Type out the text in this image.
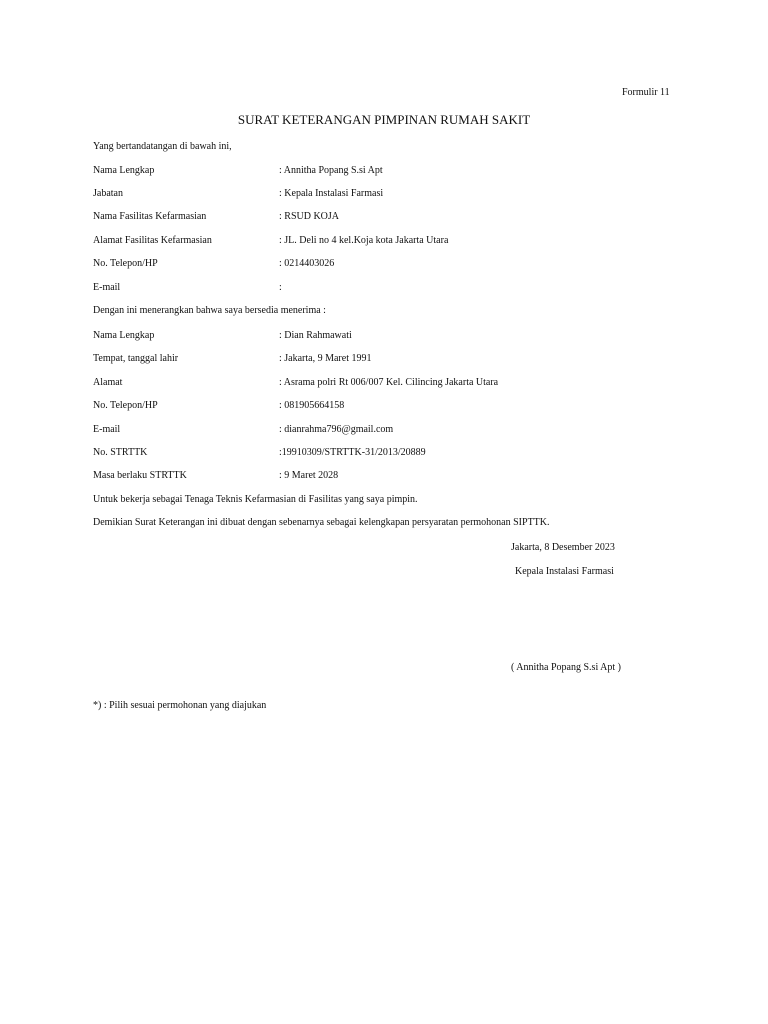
Formulir 11
SURAT KETERANGAN PIMPINAN RUMAH SAKIT
Yang bertandatangan di bawah ini,
Nama Lengkap	: Annitha Popang S.si Apt
Jabatan	: Kepala Instalasi Farmasi
Nama Fasilitas Kefarmasian	: RSUD KOJA
Alamat Fasilitas Kefarmasian	: JL. Deli no 4 kel.Koja kota Jakarta Utara
No. Telepon/HP	: 0214403026
E-mail	:
Dengan ini menerangkan bahwa saya bersedia menerima :
Nama Lengkap	: Dian Rahmawati
Tempat, tanggal lahir	: Jakarta, 9 Maret 1991
Alamat	: Asrama polri Rt 006/007 Kel. Cilincing Jakarta Utara
No. Telepon/HP	: 081905664158
E-mail	: dianrahma796@gmail.com
No. STRTTK	:19910309/STRTTK-31/2013/20889
Masa berlaku STRTTK	: 9 Maret 2028
Untuk bekerja sebagai Tenaga Teknis Kefarmasian di Fasilitas yang saya pimpin.
Demikian Surat Keterangan ini dibuat dengan sebenarnya sebagai kelengkapan persyaratan permohonan SIPTTK.
Jakarta, 8 Desember 2023
Kepala Instalasi Farmasi
( Annitha Popang S.si Apt )
*) : Pilih sesuai permohonan yang diajukan
